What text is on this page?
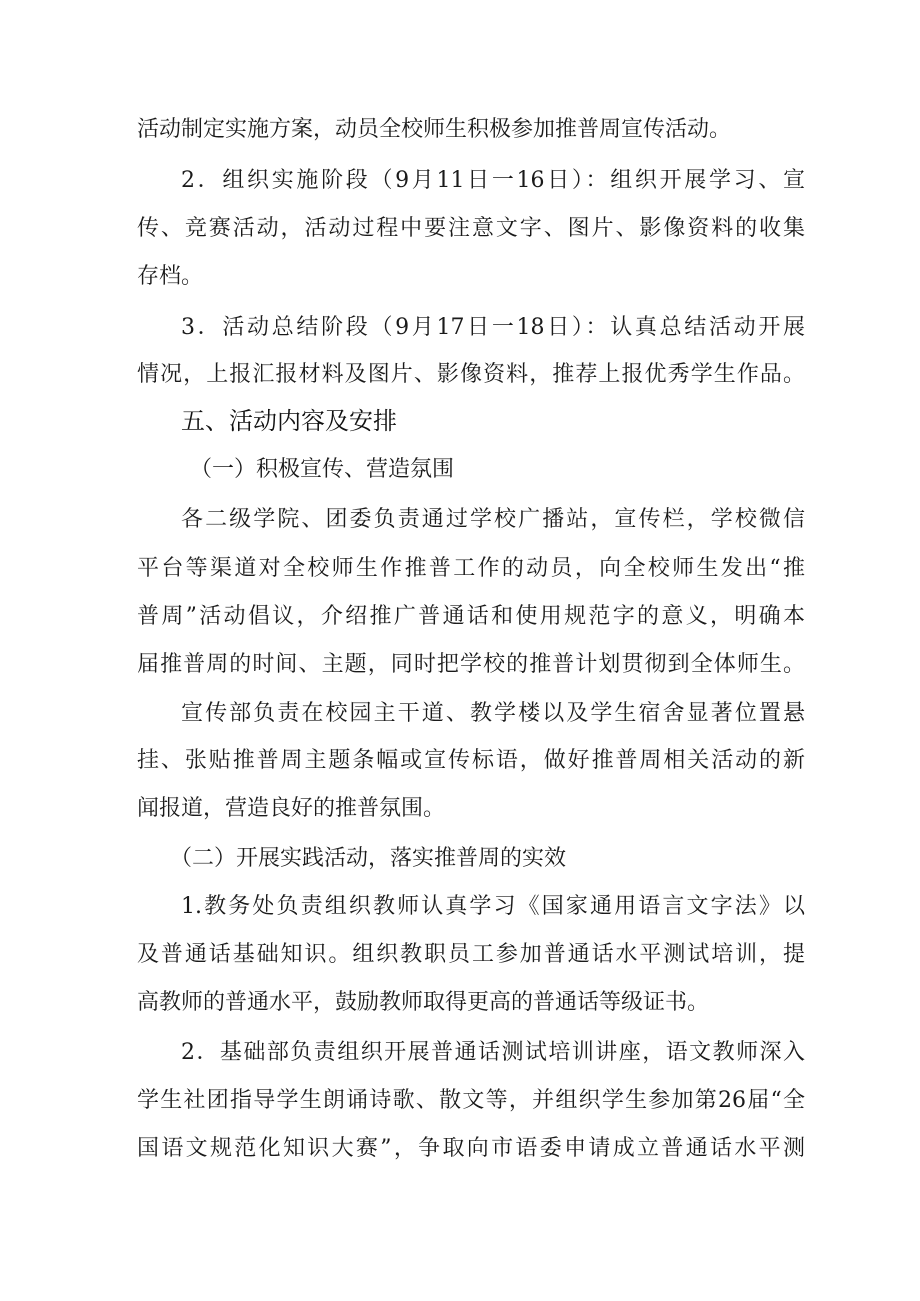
活动制定实施方案，动员全校师生积极参加推普周宣传活动。
2．组织实施阶段（9月11日一16日）：组织开展学习、宣
传、竞赛活动，活动过程中要注意文字、图片、影像资料的收集
存档。
3．活动总结阶段（9月17日一18日）：认真总结活动开展
情况，上报汇报材料及图片、影像资料，推荐上报优秀学生作品。
五、活动内容及安排
（一）积极宣传、营造氛围
各二级学院、团委负责通过学校广播站，宣传栏，学校微信
平台等渠道对全校师生作推普工作的动员，向全校师生发出“推
普周”活动倡议，介绍推广普通话和使用规范字的意义，明确本
届推普周的时间、主题，同时把学校的推普计划贯彻到全体师生。
宣传部负责在校园主干道、教学楼以及学生宿舍显著位置悬
挂、张贴推普周主题条幅或宣传标语，做好推普周相关活动的新
闻报道，营造良好的推普氛围。
（二）开展实践活动，落实推普周的实效
1.教务处负责组织教师认真学习《国家通用语言文字法》以
及普通话基础知识。组织教职员工参加普通话水平测试培训，提
高教师的普通水平，鼓励教师取得更高的普通话等级证书。
2．基础部负责组织开展普通话测试培训讲座，语文教师深入
学生社团指导学生朗诵诗歌、散文等，并组织学生参加第26届“全
国语文规范化知识大赛”，争取向市语委申请成立普通话水平测
